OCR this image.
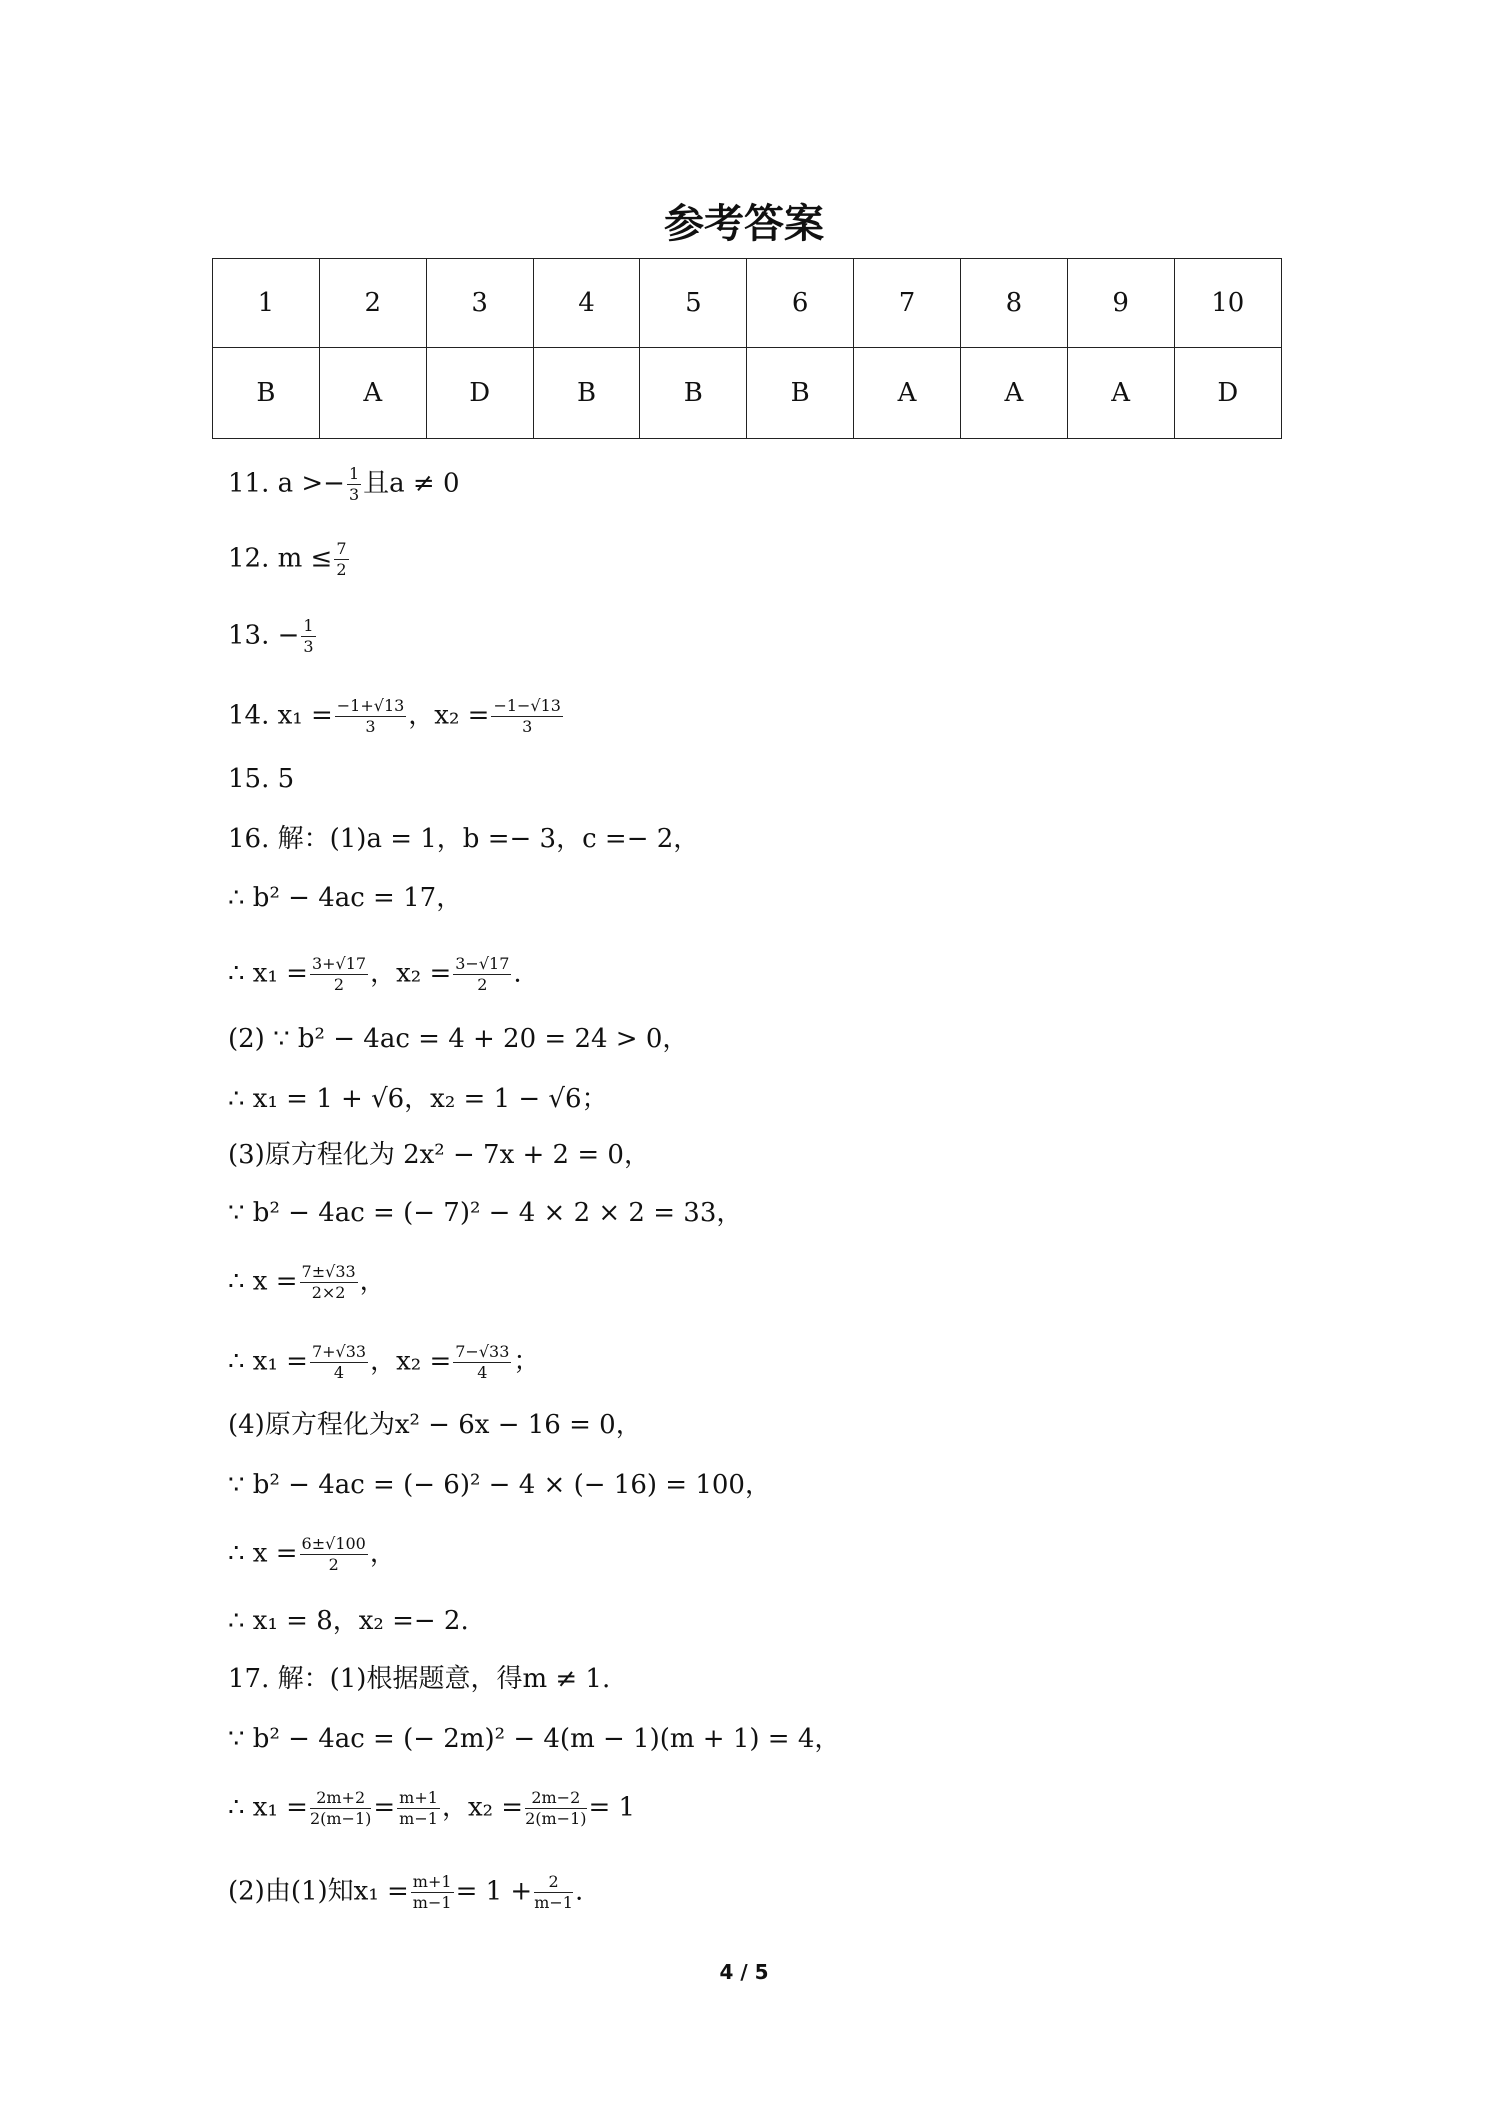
参考答案
1	2	3	4	5	6	7	8	9	10
B	A	D	B	B	B	A	A	A	D
11. $a >- \frac{1}{3}$ 且a ≠ 0
12. $m \le \frac{7}{2}$
13. − $\frac{1}{3}$
14. $x_1 = \frac{-1+√13}{3}$ ，$x_2 = \frac{-1-√13}{3}$
15. 5
16. 解：(1)a = 1，b =− 3，c =− 2，
∴ b² − 4ac = 17，
∴ $x_1 = \frac{3+√17}{2}$ ，$x_2 = \frac{3-√17}{2}$ .
(2) ∵ b² − 4ac = 4 + 20 = 24 > 0，
∴ x₁ = 1 + √6，x₂ = 1 − √6；
(3)原方程化为 2x² − 7x + 2 = 0，
∵ b² − 4ac = (− 7)² − 4 × 2 × 2 = 33，
∴ $x = \frac{7\pm√33}{2\times 2}$ ，
∴ $x_1 = \frac{7+√33}{4}$ ，$x_2 = \frac{7-√33}{4}$ ；
(4)原方程化为x² − 6x − 16 = 0，
∵ b² − 4ac = (− 6)² − 4 × (− 16) = 100，
∴ $x = \frac{6\pm√100}{2}$ ，
∴ x₁ = 8，x₂ =− 2.
17. 解：(1)根据题意，得m ≠ 1.
∵ b² − 4ac = (− 2m)² − 4(m − 1)(m + 1) = 4，
∴ $x_1 = \frac{2m+2}{2(m-1)} = \frac{m+1}{m-1}$ ，$x_2 = \frac{2m-2}{2(m-1)} = 1$
(2)由(1)知$x_1 = \frac{m+1}{m-1} = 1 + \frac{2}{m-1}$ .
4 / 5
